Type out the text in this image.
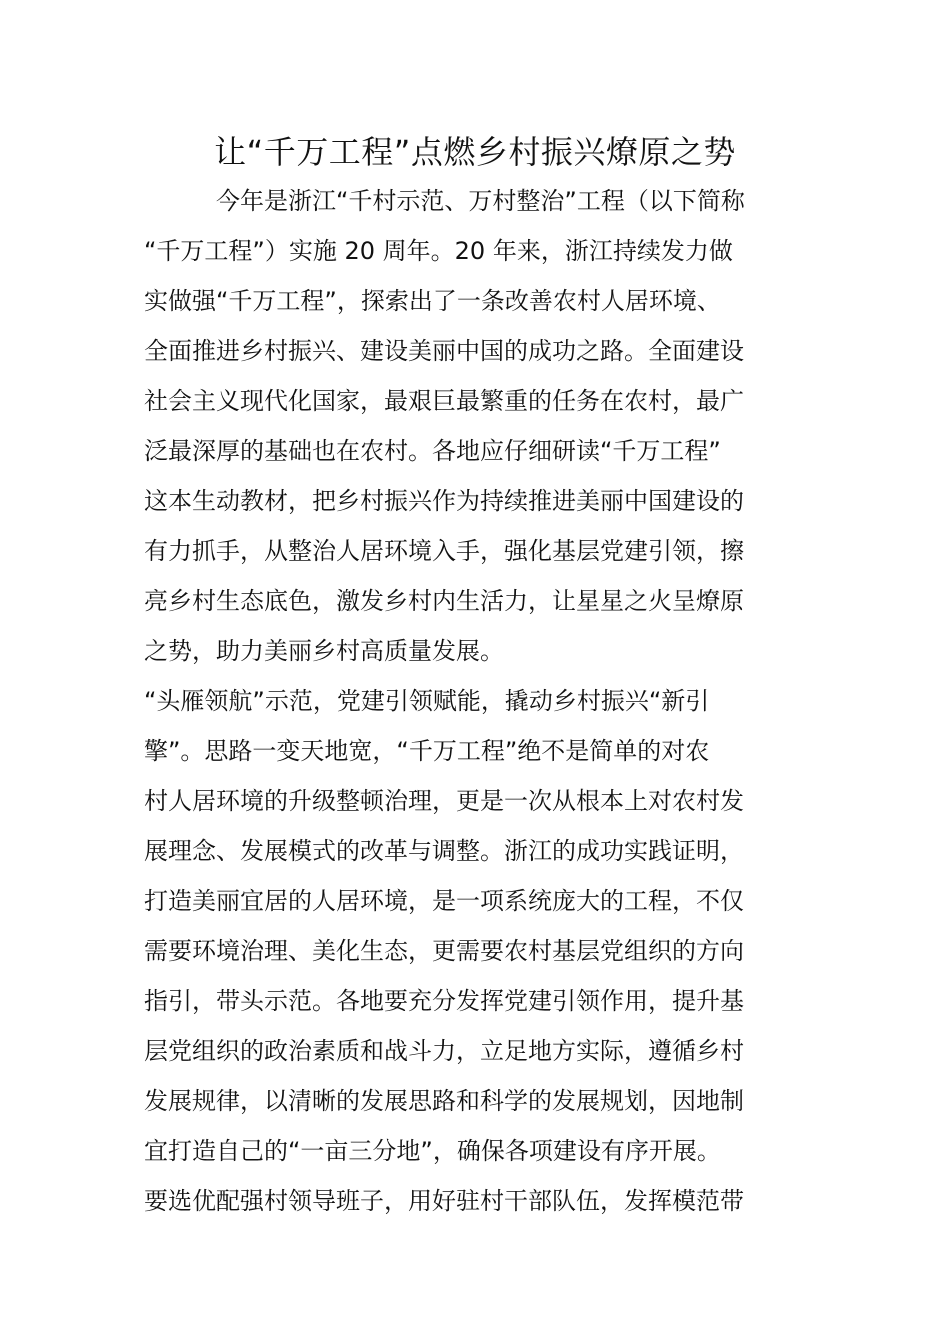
让“千万工程”点燃乡村振兴燎原之势

今年是浙江“千村示范、万村整治”工程（以下简称

“千万工程”）实施 20 周年。20 年来，浙江持续发力做

实做强“千万工程”，探索出了一条改善农村人居环境、

全面推进乡村振兴、建设美丽中国的成功之路。全面建设

社会主义现代化国家，最艰巨最繁重的任务在农村，最广

泛最深厚的基础也在农村。各地应仔细研读“千万工程”

这本生动教材，把乡村振兴作为持续推进美丽中国建设的

有力抓手，从整治人居环境入手，强化基层党建引领，擦

亮乡村生态底色，激发乡村内生活力，让星星之火呈燎原

之势，助力美丽乡村高质量发展。

“头雁领航”示范，党建引领赋能，撬动乡村振兴“新引

擎”。思路一变天地宽，“千万工程”绝不是简单的对农

村人居环境的升级整顿治理，更是一次从根本上对农村发

展理念、发展模式的改革与调整。浙江的成功实践证明，

打造美丽宜居的人居环境，是一项系统庞大的工程，不仅

需要环境治理、美化生态，更需要农村基层党组织的方向

指引，带头示范。各地要充分发挥党建引领作用，提升基

层党组织的政治素质和战斗力，立足地方实际，遵循乡村

发展规律，以清晰的发展思路和科学的发展规划，因地制

宜打造自己的“一亩三分地”，确保各项建设有序开展。

要选优配强村领导班子，用好驻村干部队伍，发挥模范带
